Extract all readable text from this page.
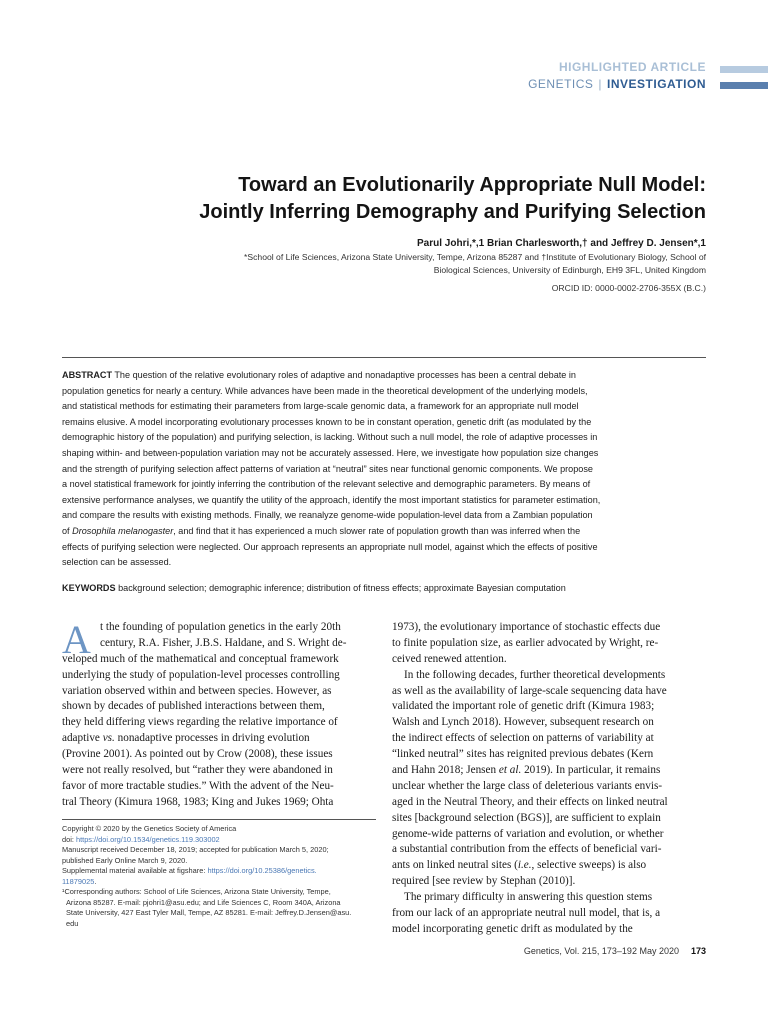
HIGHLIGHTED ARTICLE
GENETICS | INVESTIGATION
Toward an Evolutionarily Appropriate Null Model:
Jointly Inferring Demography and Purifying Selection
Parul Johri,*,1 Brian Charlesworth,† and Jeffrey D. Jensen*,1
*School of Life Sciences, Arizona State University, Tempe, Arizona 85287 and †Institute of Evolutionary Biology, School of
Biological Sciences, University of Edinburgh, EH9 3FL, United Kingdom
ORCID ID: 0000-0002-2706-355X (B.C.)
ABSTRACT The question of the relative evolutionary roles of adaptive and nonadaptive processes has been a central debate in
population genetics for nearly a century. While advances have been made in the theoretical development of the underlying models,
and statistical methods for estimating their parameters from large-scale genomic data, a framework for an appropriate null model
remains elusive. A model incorporating evolutionary processes known to be in constant operation, genetic drift (as modulated by the
demographic history of the population) and purifying selection, is lacking. Without such a null model, the role of adaptive processes in
shaping within- and between-population variation may not be accurately assessed. Here, we investigate how population size changes
and the strength of purifying selection affect patterns of variation at “neutral” sites near functional genomic components. We propose
a novel statistical framework for jointly inferring the contribution of the relevant selective and demographic parameters. By means of
extensive performance analyses, we quantify the utility of the approach, identify the most important statistics for parameter estimation,
and compare the results with existing methods. Finally, we reanalyze genome-wide population-level data from a Zambian population
of Drosophila melanogaster, and find that it has experienced a much slower rate of population growth than was inferred when the
effects of purifying selection were neglected. Our approach represents an appropriate null model, against which the effects of positive
selection can be assessed.
KEYWORDS background selection; demographic inference; distribution of fitness effects; approximate Bayesian computation
A t the founding of population genetics in the early 20th
century, R.A. Fisher, J.B.S. Haldane, and S. Wright de-
veloped much of the mathematical and conceptual framework
underlying the study of population-level processes controlling
variation observed within and between species. However, as
shown by decades of published interactions between them,
they held differing views regarding the relative importance of
adaptive vs. nonadaptive processes in driving evolution
(Provine 2001). As pointed out by Crow (2008), these issues
were not really resolved, but “rather they were abandoned in
favor of more tractable studies.” With the advent of the Neu-
tral Theory (Kimura 1968, 1983; King and Jukes 1969; Ohta
Copyright © 2020 by the Genetics Society of America
doi: https://doi.org/10.1534/genetics.119.303002
Manuscript received December 18, 2019; accepted for publication March 5, 2020;
published Early Online March 9, 2020.
Supplemental material available at figshare: https://doi.org/10.25386/genetics.
11879025.
¹Corresponding authors: School of Life Sciences, Arizona State University, Tempe,
Arizona 85287. E-mail: pjohri1@asu.edu; and Life Sciences C, Room 340A, Arizona
State University, 427 East Tyler Mall, Tempe, AZ 85281. E-mail: Jeffrey.D.Jensen@asu.
edu
1973), the evolutionary importance of stochastic effects due
to finite population size, as earlier advocated by Wright, re-
ceived renewed attention.
In the following decades, further theoretical developments
as well as the availability of large-scale sequencing data have
validated the important role of genetic drift (Kimura 1983;
Walsh and Lynch 2018). However, subsequent research on
the indirect effects of selection on patterns of variability at
“linked neutral” sites has reignited previous debates (Kern
and Hahn 2018; Jensen et al. 2019). In particular, it remains
unclear whether the large class of deleterious variants envis-
aged in the Neutral Theory, and their effects on linked neutral
sites [background selection (BGS)], are sufficient to explain
genome-wide patterns of variation and evolution, or whether
a substantial contribution from the effects of beneficial vari-
ants on linked neutral sites (i.e., selective sweeps) is also
required [see review by Stephan (2010)].
The primary difficulty in answering this question stems
from our lack of an appropriate neutral null model, that is, a
model incorporating genetic drift as modulated by the
Genetics, Vol. 215, 173–192 May 2020 173
